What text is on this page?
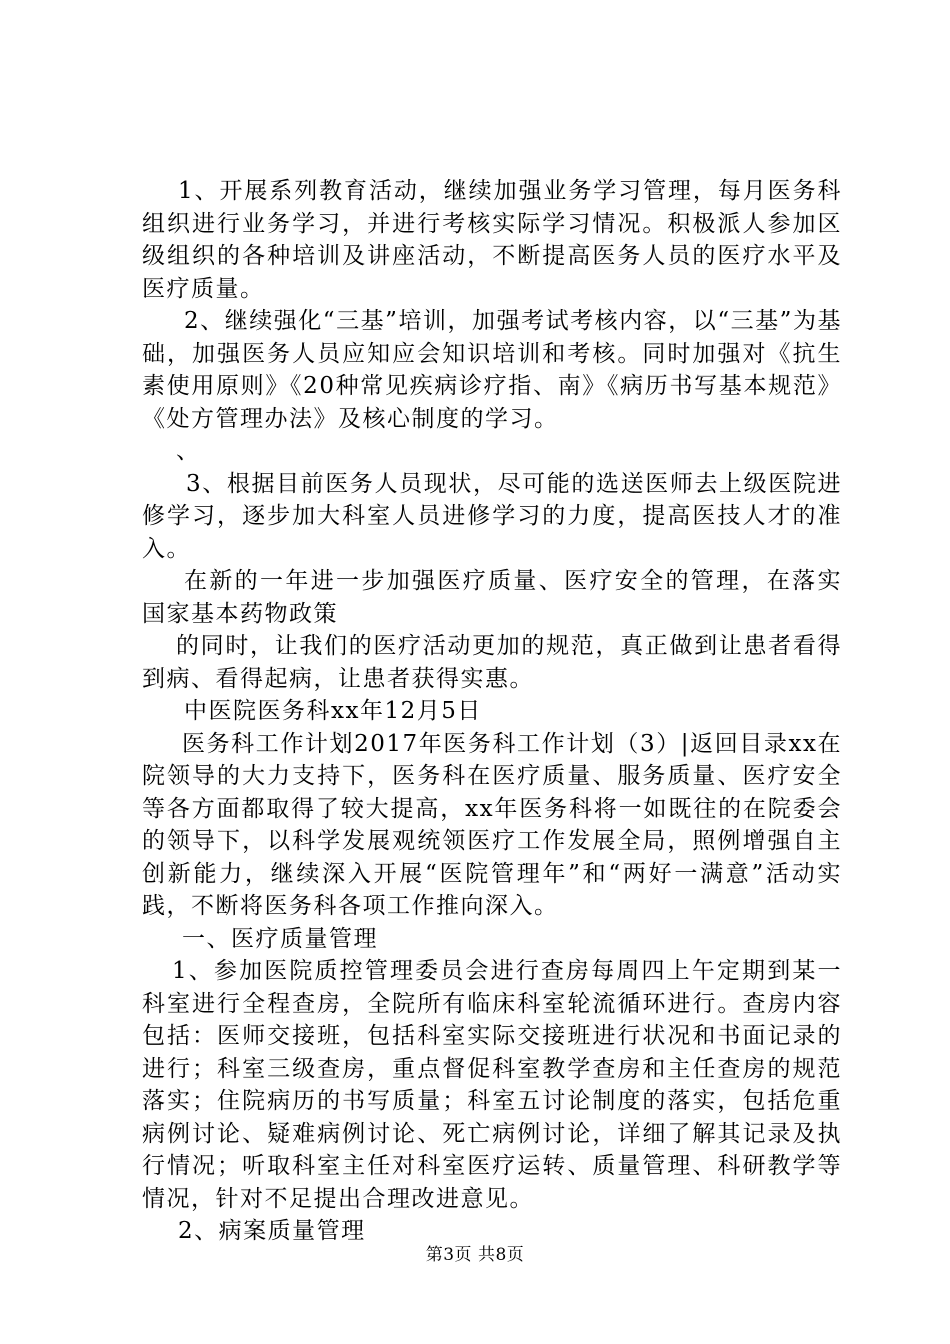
1、开展系列教育活动，继续加强业务学习管理，每月医务科组织进行业务学习，并进行考核实际学习情况。积极派人参加区级组织的各种培训及讲座活动，不断提高医务人员的医疗水平及医疗质量。

2、继续强化“三基”培训，加强考试考核内容，以“三基”为基础，加强医务人员应知应会知识培训和考核。同时加强对《抗生素使用原则》《20种常见疾病诊疗指、南》《病历书写基本规范》《处方管理办法》及核心制度的学习。

、

3、根据目前医务人员现状，尽可能的选送医师去上级医院进修学习，逐步加大科室人员进修学习的力度，提高医技人才的准入。

在新的一年进一步加强医疗质量、医疗安全的管理，在落实国家基本药物政策

的同时，让我们的医疗活动更加的规范，真正做到让患者看得到病、看得起病，让患者获得实惠。

中医院医务科xx年12月5日

医务科工作计划2017年医务科工作计划（3）|返回目录xx在院领导的大力支持下，医务科在医疗质量、服务质量、医疗安全等各方面都取得了较大提高，xx年医务科将一如既往的在院委会的领导下，以科学发展观统领医疗工作发展全局，照例增强自主创新能力，继续深入开展“医院管理年”和“两好一满意”活动实践，不断将医务科各项工作推向深入。

一、医疗质量管理

1、参加医院质控管理委员会进行查房每周四上午定期到某一科室进行全程查房，全院所有临床科室轮流循环进行。查房内容包括：医师交接班，包括科室实际交接班进行状况和书面记录的进行；科室三级查房，重点督促科室教学查房和主任查房的规范落实；住院病历的书写质量；科室五讨论制度的落实，包括危重病例讨论、疑难病例讨论、死亡病例讨论，详细了解其记录及执行情况；听取科室主任对科室医疗运转、质量管理、科研教学等情况，针对不足提出合理改进意见。

2、病案质量管理

第3页 共8页
